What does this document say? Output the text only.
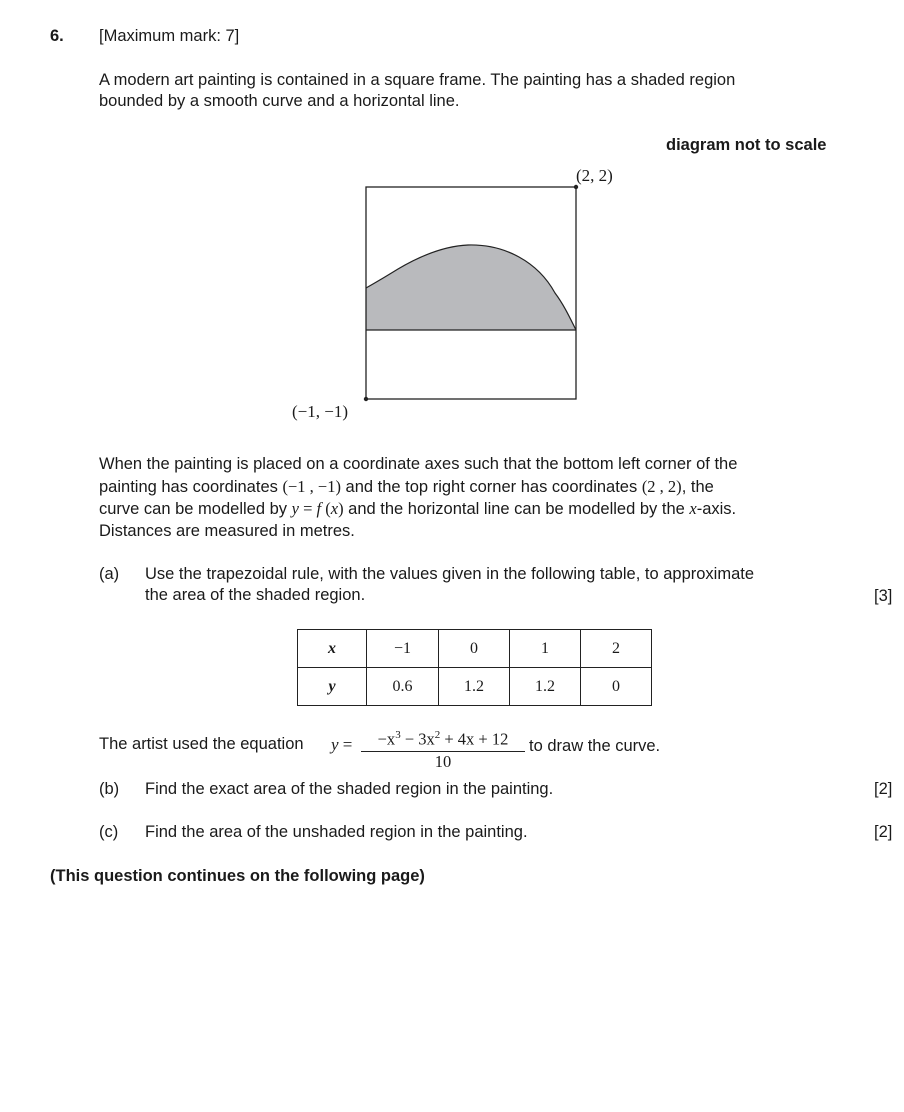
6. [Maximum mark: 7]
A modern art painting is contained in a square frame. The painting has a shaded region
bounded by a smooth curve and a horizontal line.
diagram not to scale
(2, 2)
(−1, −1)
When the painting is placed on a coordinate axes such that the bottom left corner of the
painting has coordinates (−1 , −1) and the top right corner has coordinates (2 , 2), the
curve can be modelled by y = f (x) and the horizontal line can be modelled by the x-axis.
Distances are measured in metres.
(a) Use the trapezoidal rule, with the values given in the following table, to approximate
the area of the shaded region.	[3]
x	−1	0	1	2
y	0.6	1.2	1.2	0
The artist used the equation y =	$-x^3 - 3x^2 + 4x + 12$
10
to draw the curve.
(b) Find the exact area of the shaded region in the painting.	[2]
(c) Find the area of the unshaded region in the painting.	[2]
(This question continues on the following page)
